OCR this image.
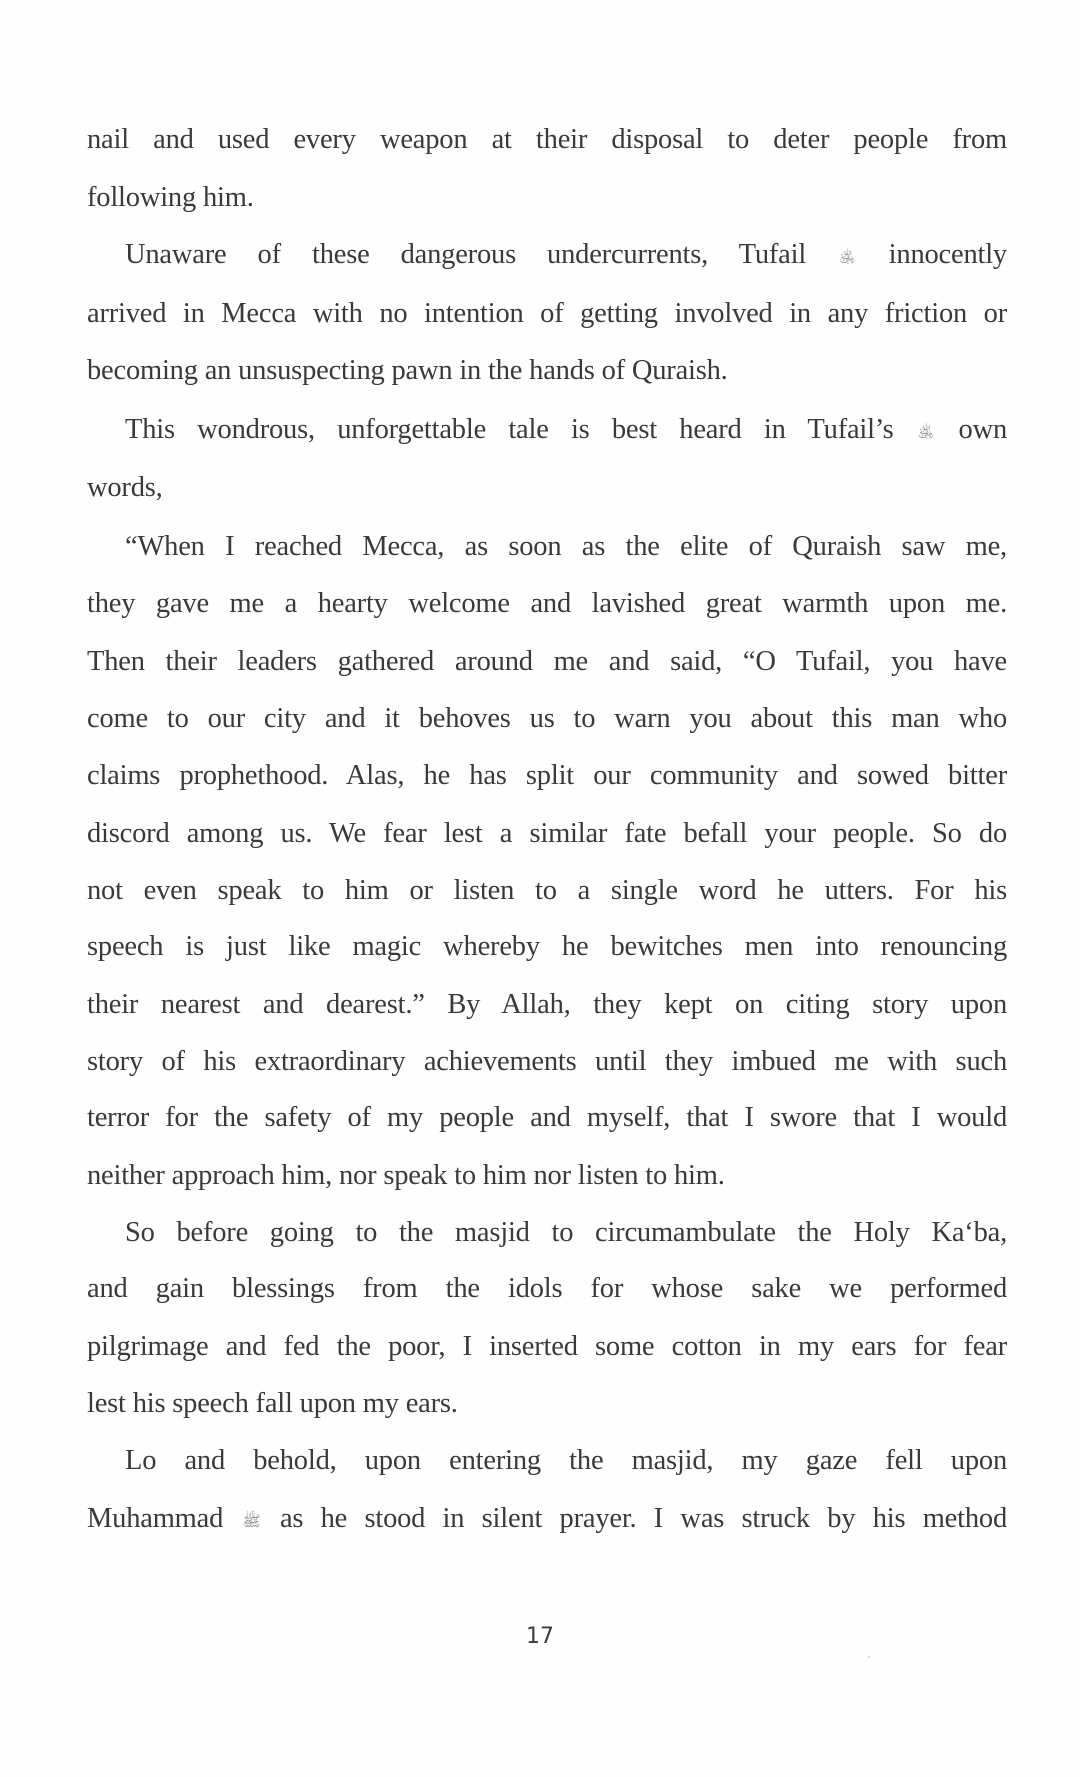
nail and used every weapon at their disposal to deter people from
following him.
Unaware of these dangerous undercurrents, Tufail ﵁ innocently
arrived in Mecca with no intention of getting involved in any friction or
becoming an unsuspecting pawn in the hands of Quraish.
This wondrous, unforgettable tale is best heard in Tufail’s ﵁ own
words,
“When I reached Mecca, as soon as the elite of Quraish saw me,
they gave me a hearty welcome and lavished great warmth upon me.
Then their leaders gathered around me and said, “O Tufail, you have
come to our city and it behoves us to warn you about this man who
claims prophethood. Alas, he has split our community and sowed bitter
discord among us. We fear lest a similar fate befall your people. So do
not even speak to him or listen to a single word he utters. For his
speech is just like magic whereby he bewitches men into renouncing
their nearest and dearest.” By Allah, they kept on citing story upon
story of his extraordinary achievements until they imbued me with such
terror for the safety of my people and myself, that I swore that I would
neither approach him, nor speak to him nor listen to him.
So before going to the masjid to circumambulate the Holy Ka‘ba,
and gain blessings from the idols for whose sake we performed
pilgrimage and fed the poor, I inserted some cotton in my ears for fear
lest his speech fall upon my ears.
Lo and behold, upon entering the masjid, my gaze fell upon
Muhammad ﷺ as he stood in silent prayer. I was struck by his method
17
